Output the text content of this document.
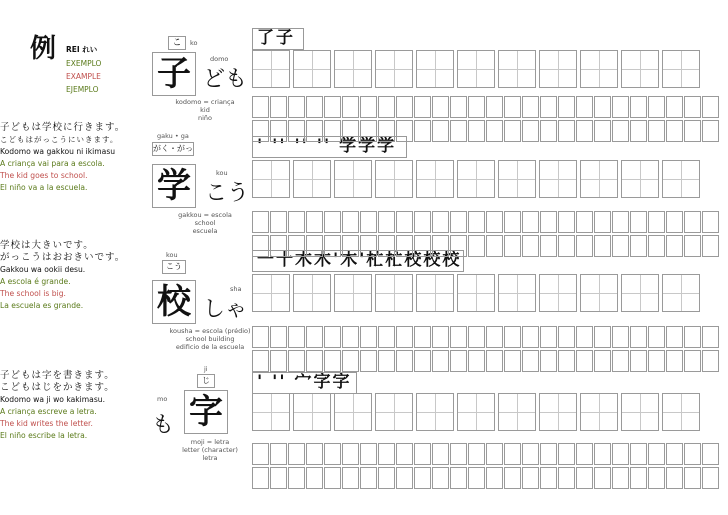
例 REI れい
EXEMPLO
EXAMPLE
EJEMPLO
子どもは学校に行きます。
こどもはがっこうにいきます。
Kodomo wa gakkou ni ikimasu
A criança vai para a escola.
The kid goes to school.
El niño va a la escuela.
学校は大きいです。
がっこうはおおきいです。
Gakkou wa ookii desu.
A escola é grande.
The school is big.
La escuela es grande.
子どもは字を書きます。
こどもはじをかきます。
Kodomo wa ji wo kakimasu.
A criança escreve a letra.
The kid writes the letter.
El niño escribe la letra.
こ	ko
子	domo
ども
kodomo = criança
kid
niño
了子
gaku • ga
がく・がっ
学	kou
こう
gakkou = escola
school
escuela
' '' '' '' 学学学
kou
こう
校	sha
しゃ
kousha = escola (prédio)
school building
edificio de la escuela
一十木木'木'杧杧校校校
ji
じ
mo
も 字
moji = letra
letter (character)
letra
' '' 宀字字
